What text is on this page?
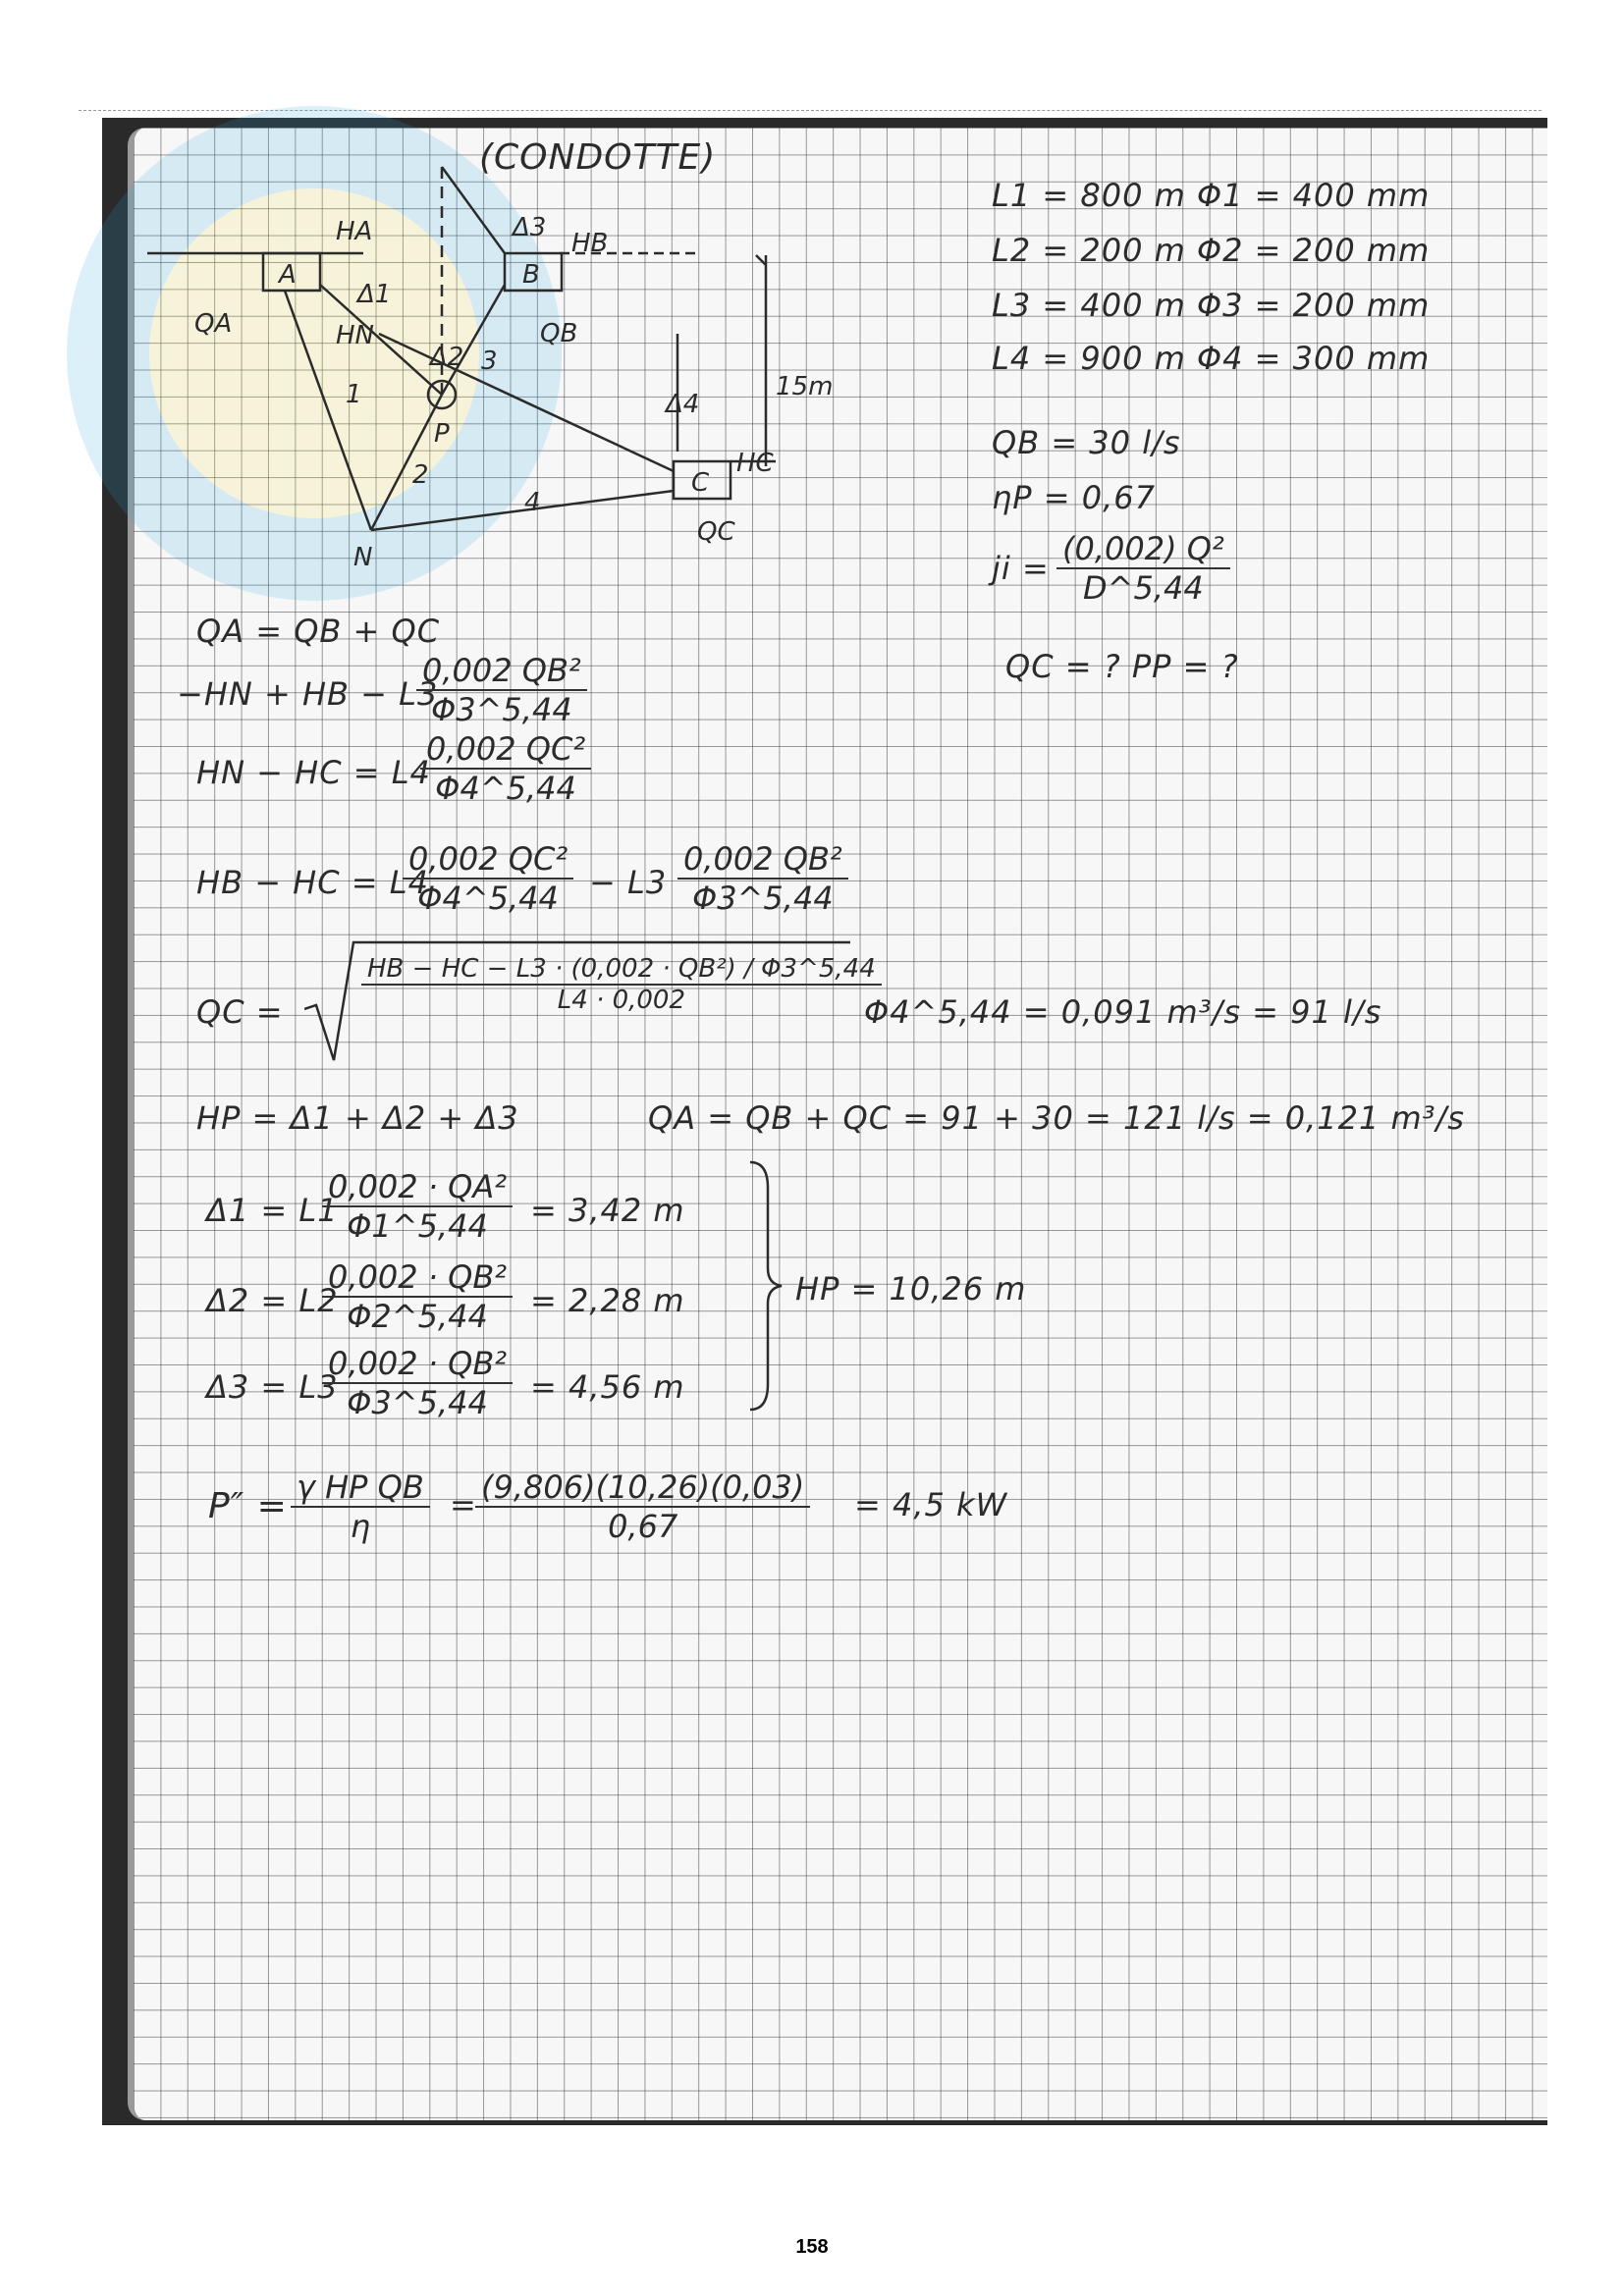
(CONDOTTE)
A	B
C
P
N
QA	QB
QC
HA	HB
HC
HN
Δ1
Δ2
Δ3
Δ4
1
2
3
4
15m
L1 = 800 m Φ1 = 400 mm
L2 = 200 m Φ2 = 200 mm
L3 = 400 m Φ3 = 200 mm
L4 = 900 m Φ4 = 300 mm
QB = 30 l/s
ηP = 0,67
ji = $\frac{\text{(0,002) Q²}}{D\^{}5,44}$
QC = ? PP = ?
QA = QB + QC
−HN + HB − L3
$\frac{\text{0,002 QB²}}{\Phi 3\^{}5,44}$
HN − HC = L4
$\frac{\text{0,002 QC²}}{\Phi 4\^{}5,44}$
HB − HC = L4
$\frac{\text{0,002 QC²}}{\Phi 4\^{}5,44} - L3 \frac{\text{0,002 QB²}}{\Phi 3\^{}5,44}$
QC =	$\frac{\text{HB − HC − L3 · (0,002 · QB²) / Φ3\textasciicircum{}5,44}}{L4 \cdot 0,002}$
Φ4^5,44 = 0,091 m³/s = 91 l/s
HP = Δ1 + Δ2 + Δ3	QA = QB + QC = 91 + 30 = 121 l/s = 0,121 m³/s
Δ1 = L1
$\frac{\text{0,002 · QA²}}{\Phi 1\^{}5,44} = 3,42$ m
Δ2 = L2
$\frac{\text{0,002 · QB²}}{\Phi 2\^{}5,44} = 2,28$ m
Δ3 = L3
$\frac{\text{0,002 · QB²}}{\Phi 3\^{}5,44} = 4,56$ m
HP = 10,26 m
$P'' = \frac{\text{γ HP QB}}{\eta}$ =
$\frac{(9,806)(10,26)(0,03)}{0,67} = 4,5$ kW
158
